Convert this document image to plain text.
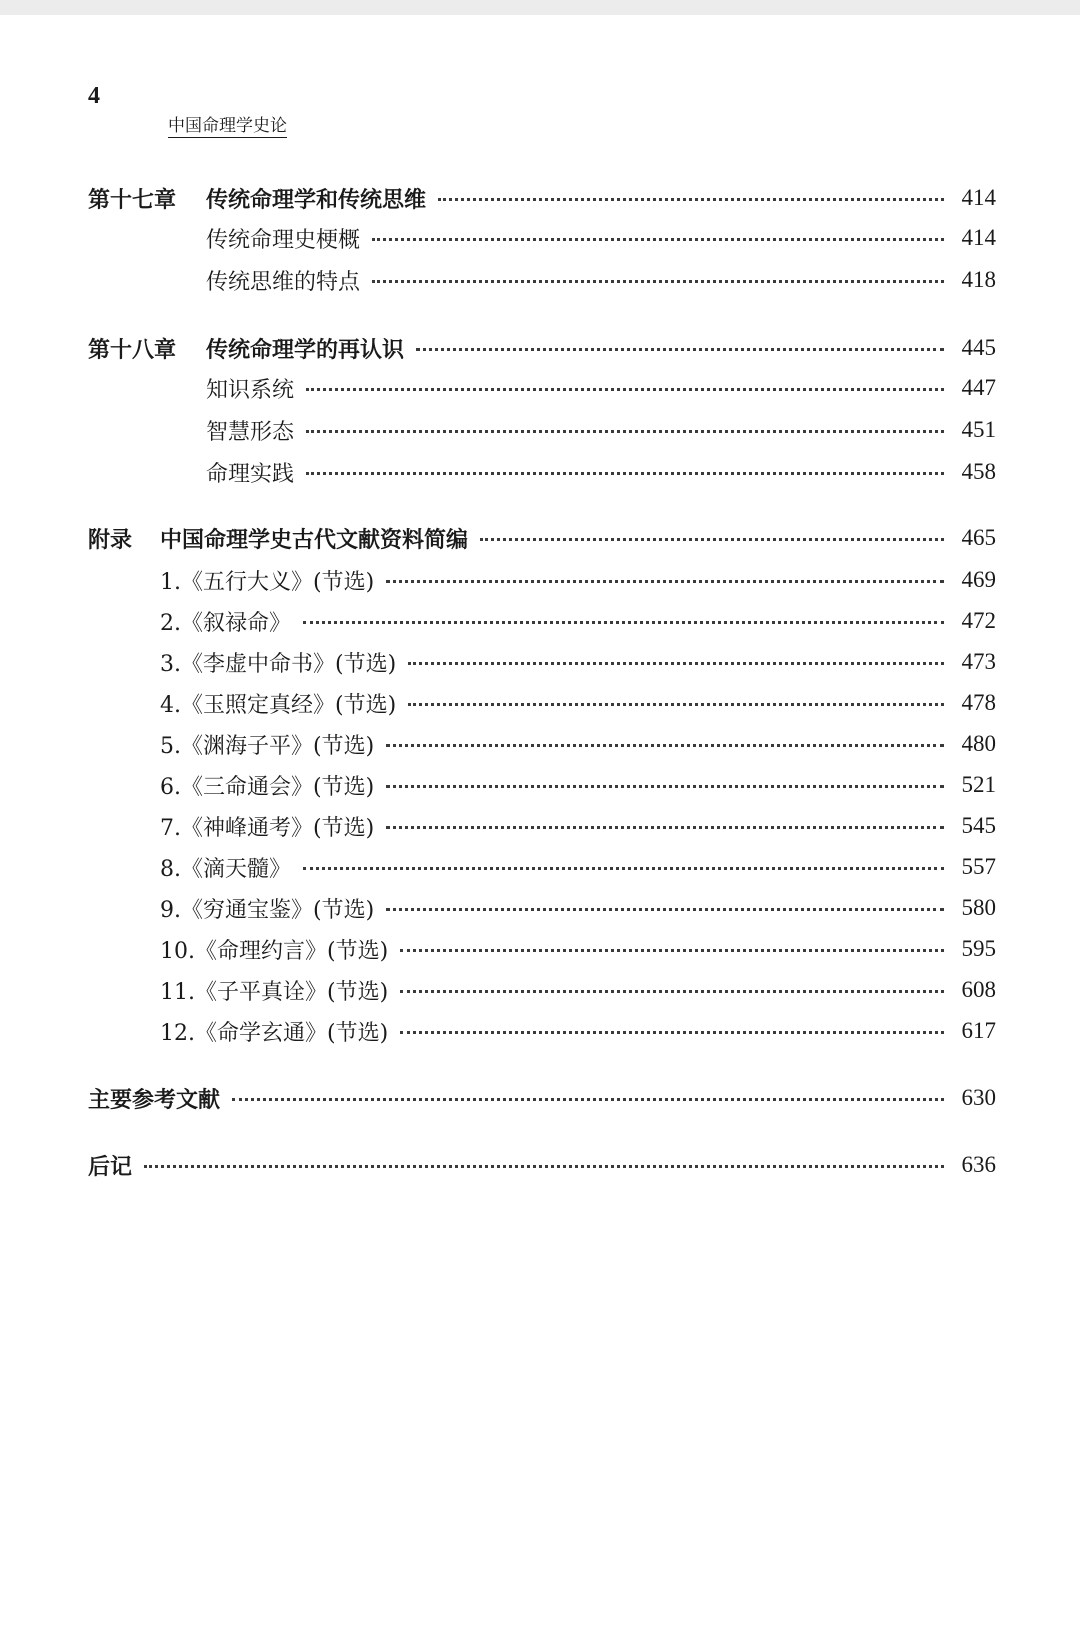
4
中国命理学史论
第十七章	传统命理学和传统思维	414
传统命理史梗概	414
传统思维的特点	418
第十八章	传统命理学的再认识	445
知识系统	447
智慧形态	451
命理实践	458
附录	中国命理学史古代文献资料简编	465
1.《五行大义》(节选)	469
2.《叙禄命》	472
3.《李虚中命书》(节选)	473
4.《玉照定真经》(节选)	478
5.《渊海子平》(节选)	480
6.《三命通会》(节选)	521
7.《神峰通考》(节选)	545
8.《滴天髓》	557
9.《穷通宝鉴》(节选)	580
10.《命理约言》(节选)	595
11.《子平真诠》(节选)	608
12.《命学玄通》(节选)	617
主要参考文献	630
后记	636
